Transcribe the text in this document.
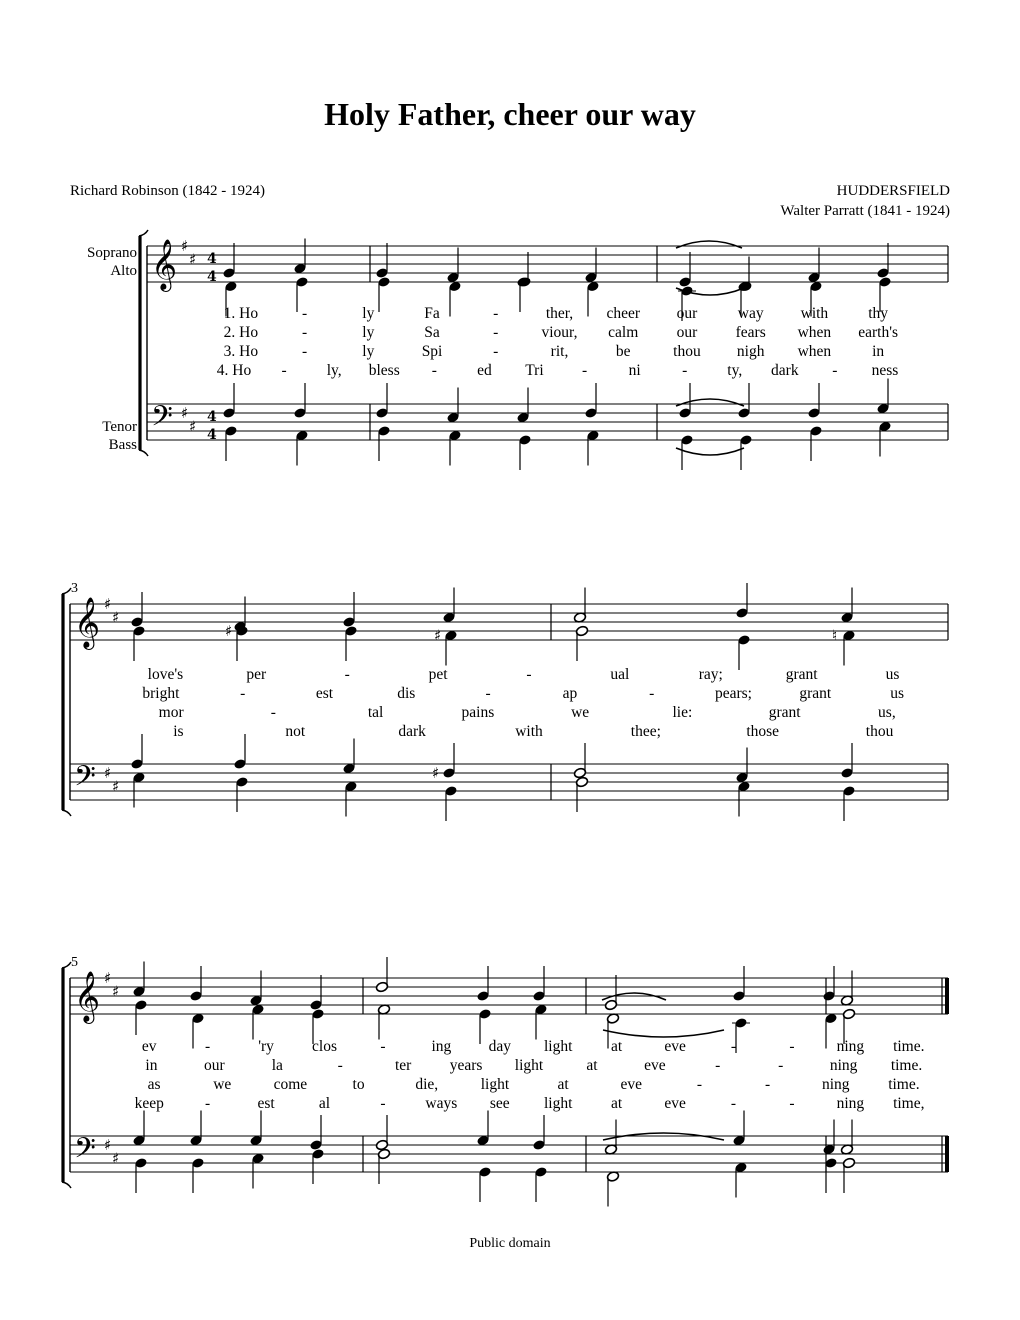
Holy Father, cheer our way
Richard Robinson (1842 - 1924)	HUDDERSFIELD
Walter Parratt (1841 - 1924)
Soprano
Alto
Tenor
Bass
𝄞
𝄢
♯
♯
♯
♯
4
4
4
4
𝄞
𝄢
♯
♯
♯
♯
3
𝄞
𝄢
♯
♯
♯
♯
5
♯	♯
♯
♮
1. Ho	-	ly	Fa	-	ther, cheer our	way with	thy
2. Ho	-	ly	Sa	-	viour, calm our fears when earth's
3. Ho	-	ly	Spi	-	rit,	be	thou nigh when	in
4. Ho -	ly, bless -	ed Tri -	ni	-	ty, dark - ness
love's	per	-	pet	-	ual	ray;	grant	us
bright	-	est	dis	-	ap	-	pears;	grant	us
mor	-	tal	pains	we	lie:	grant	us,
is	not	dark	with	thee;	those	thou
ev	-	'ry clos	-	ing day light at	eve	-	-	ning time.
in	our	la	-	ter years light	at	eve	-	-	ning time.
as	we	come	to	die,	light	at	eve	-	-	ning time.
keep	-	est	al	-	ways see light at	eve	-	-	ning time,
Public domain
